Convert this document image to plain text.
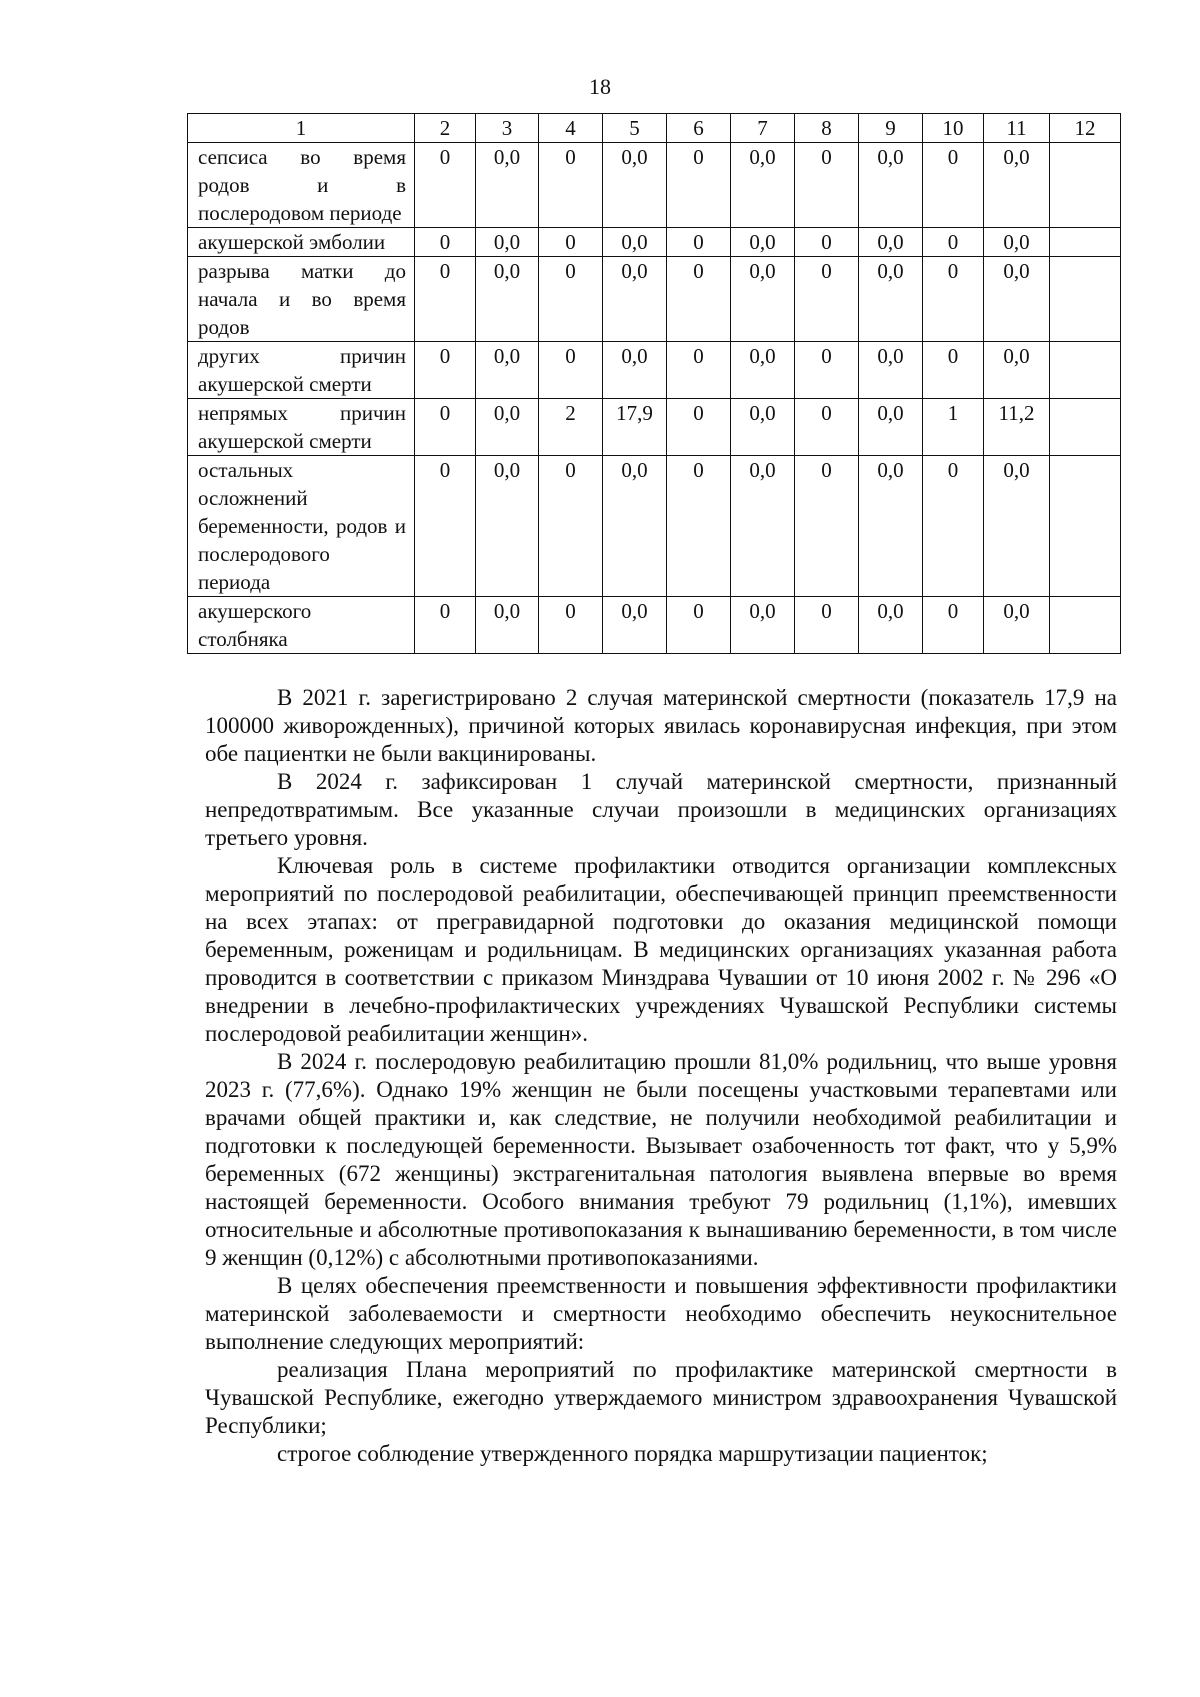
18
1	2	3	4	5	6	7	8	9	10	11	12
сепсиса во время родов и в послеродовом периоде	0	0,0	0	0,0	0	0,0	0	0,0	0	0,0	
акушерской эмболии	0	0,0	0	0,0	0	0,0	0	0,0	0	0,0	
разрыва матки до начала и во время родов	0	0,0	0	0,0	0	0,0	0	0,0	0	0,0	
других причин акушерской смерти	0	0,0	0	0,0	0	0,0	0	0,0	0	0,0	
непрямых причин акушерской смерти	0	0,0	2	17,9	0	0,0	0	0,0	1	11,2	
остальных осложнений беременности, родов и послеродового периода	0	0,0	0	0,0	0	0,0	0	0,0	0	0,0	
акушерского столбняка	0	0,0	0	0,0	0	0,0	0	0,0	0	0,0	

В 2021 г. зарегистрировано 2 случая материнской смертности (показатель 17,9 на 100000 живорожденных), причиной которых явилась коронавирусная инфекция, при этом обе пациентки не были вакцинированы.

В 2024 г. зафиксирован 1 случай материнской смертности, признанный непредотвратимым. Все указанные случаи произошли в медицинских организациях третьего уровня.

Ключевая роль в системе профилактики отводится организации комплексных мероприятий по послеродовой реабилитации, обеспечивающей принцип преемственности на всех этапах: от прегравидарной подготовки до оказания медицинской помощи беременным, роженицам и родильницам. В медицинских организациях указанная работа проводится в соответствии с приказом Минздрава Чувашии от 10 июня 2002 г. № 296 «О внедрении в лечебно-профилактических учреждениях Чувашской Республики системы послеродовой реабилитации женщин».

В 2024 г. послеродовую реабилитацию прошли 81,0% родильниц, что выше уровня 2023 г. (77,6%). Однако 19% женщин не были посещены участковыми терапевтами или врачами общей практики и, как следствие, не получили необходимой реабилитации и подготовки к последующей беременности. Вызывает озабоченность тот факт, что у 5,9% беременных (672 женщины) экстрагенитальная патология выявлена впервые во время настоящей беременности. Особого внимания требуют 79 родильниц (1,1%), имевших относительные и абсолютные противопоказания к вынашиванию беременности, в том числе 9 женщин (0,12%) с абсолютными противопоказаниями.

В целях обеспечения преемственности и повышения эффективности профилактики материнской заболеваемости и смертности необходимо обеспечить неукоснительное выполнение следующих мероприятий:

реализация Плана мероприятий по профилактике материнской смертности в Чувашской Республике, ежегодно утверждаемого министром здравоохранения Чувашской Республики;

строгое соблюдение утвержденного порядка маршрутизации пациенток;
